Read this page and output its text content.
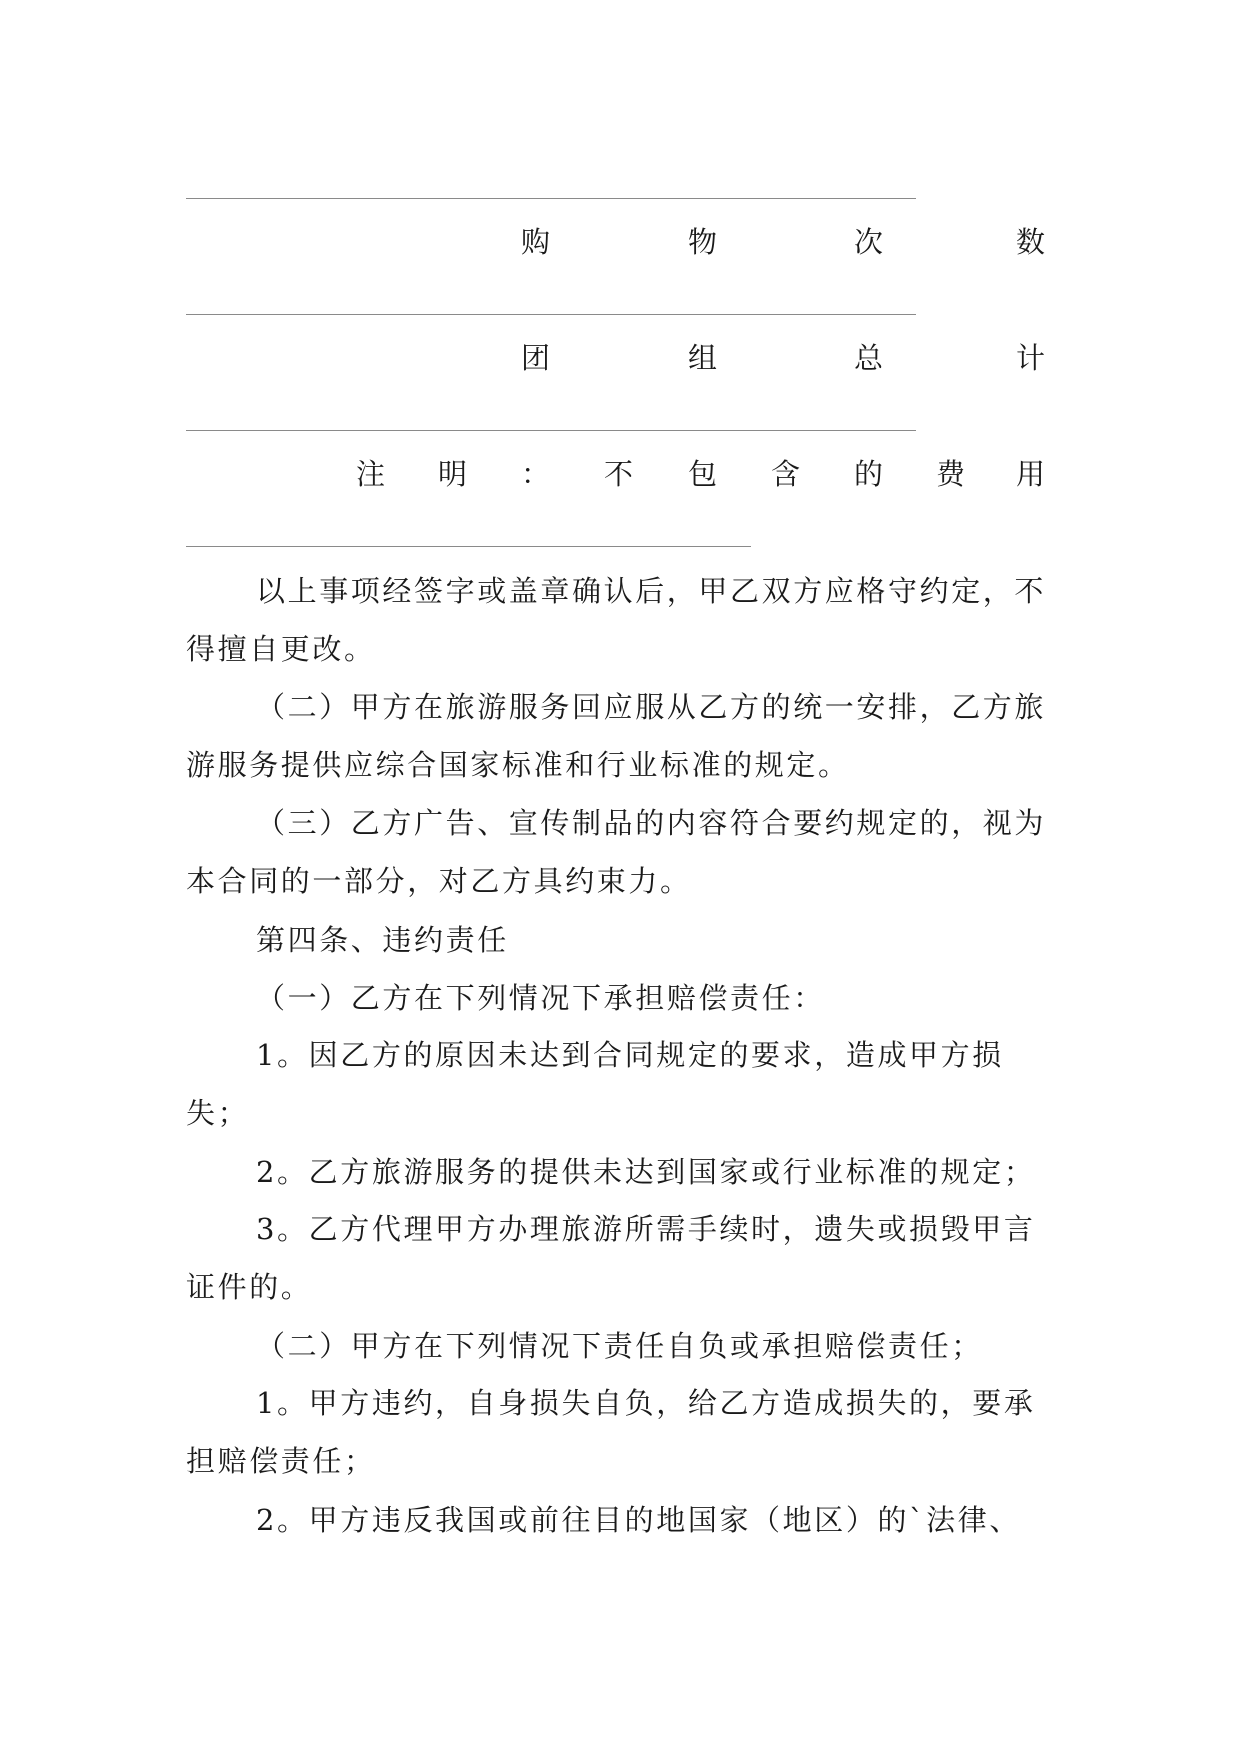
购	物	次	数
团	组	总	计
注 明 ： 不 包 含 的 费 用

以上事项经签字或盖章确认后，甲乙双方应格守约定，不得擅自更改。

（二）甲方在旅游服务回应服从乙方的统一安排，乙方旅游服务提供应综合国家标准和行业标准的规定。

（三）乙方广告、宣传制品的内容符合要约规定的，视为本合同的一部分，对乙方具约束力。

第四条、违约责任

（一）乙方在下列情况下承担赔偿责任：

1。因乙方的原因未达到合同规定的要求，造成甲方损失；

2。乙方旅游服务的提供未达到国家或行业标准的规定；

3。乙方代理甲方办理旅游所需手续时，遗失或损毁甲言证件的。

（二）甲方在下列情况下责任自负或承担赔偿责任；

1。甲方违约，自身损失自负，给乙方造成损失的，要承担赔偿责任；

2。甲方违反我国或前往目的地国家（地区）的`法律、
